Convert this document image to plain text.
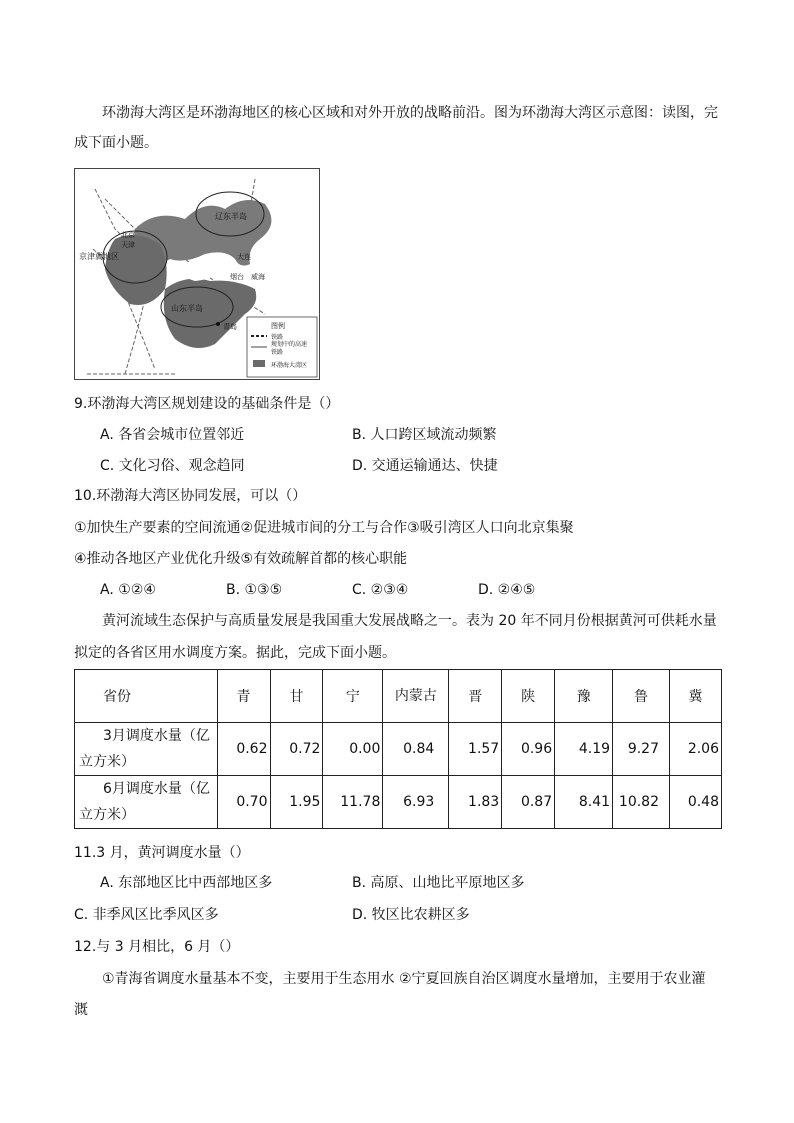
环渤海大湾区是环渤海地区的核心区域和对外开放的战略前沿。图为环渤海大湾区示意图：读图，完
成下面小题。
辽东半岛
北京
天津
京津冀地区	大连
烟台 威海
山东半岛
青岛	图例
铁路
规划中的高速
铁路
环渤海大湾区
9.环渤海大湾区规划建设的基础条件是（）
A. 各省会城市位置邻近	B. 人口跨区域流动频繁
C. 文化习俗、观念趋同	D. 交通运输通达、快捷
10.环渤海大湾区协同发展，可以（）
①加快生产要素的空间流通②促进城市间的分工与合作③吸引湾区人口向北京集聚
④推动各地区产业优化升级⑤有效疏解首都的核心职能
A. ①②④	B. ①③⑤	C. ②③④	D. ②④⑤
黄河流域生态保护与高质量发展是我国重大发展战略之一。表为 20 年不同月份根据黄河可供耗水量
拟定的各省区用水调度方案。据此，完成下面小题。
省份	青	甘	宁	内蒙古	晋	陕	豫	鲁	冀
3月调度水量（亿
立方米）	0.62	0.72	0.00	0.84	1.57	0.96	4.19	9.27	2.06
6月调度水量（亿
立方米）	0.70	1.95	11.78	6.93	1.83	0.87	8.41	10.82	0.48
11.3 月，黄河调度水量（）
A. 东部地区比中西部地区多	B. 高原、山地比平原地区多
C. 非季风区比季风区多	D. 牧区比农耕区多
12.与 3 月相比，6 月（）
①青海省调度水量基本不变，主要用于生态用水 ②宁夏回族自治区调度水量增加，主要用于农业灌
溉
